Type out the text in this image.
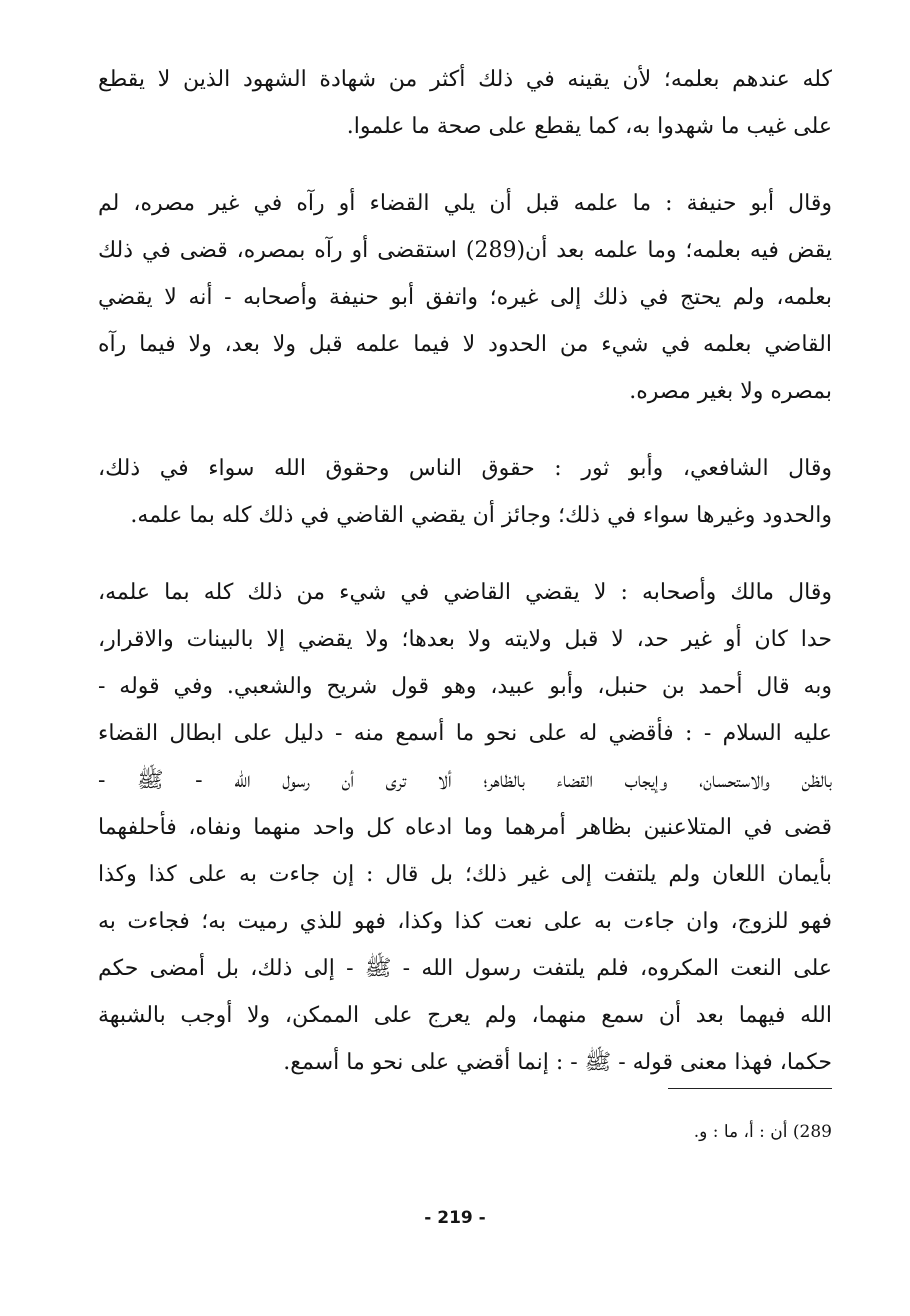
كله عندهم بعلمه؛ لأن يقينه في ذلك أكثر من شهادة الشهود الذين لا يقطع
على غيب ما شهدوا به، كما يقطع على صحة ما علموا.

وقال أبو حنيفة : ما علمه قبل أن يلي القضاء أو رآه في غير مصره، لم
يقض فيه بعلمه؛ وما علمه بعد أن(289) استقضى أو رآه بمصره، قضى في ذلك
بعلمه، ولم يحتج في ذلك إلى غيره؛ واتفق أبو حنيفة وأصحابه - أنه لا يقضي
القاضي بعلمه في شيء من الحدود لا فيما علمه قبل ولا بعد، ولا فيما رآه
بمصره ولا بغير مصره.

وقال الشافعي، وأبو ثور : حقوق الناس وحقوق الله سواء في ذلك،
والحدود وغيرها سواء في ذلك؛ وجائز أن يقضي القاضي في ذلك كله بما علمه.

وقال مالك وأصحابه : لا يقضي القاضي في شيء من ذلك كله بما علمه،
حدا كان أو غير حد، لا قبل ولايته ولا بعدها؛ ولا يقضي إلا بالبينات والاقرار،
وبه قال أحمد بن حنبل، وأبو عبيد، وهو قول شريح والشعبي. وفي قوله -
عليه السلام - : فأقضي له على نحو ما أسمع منه - دليل على ابطال القضاء
بالظن والاستحسان، وإيجاب القضاء بالظاهر؛ ألا ترى أن رسول الله - ﷺ -
قضى في المتلاعنين بظاهر أمرهما وما ادعاه كل واحد منهما ونفاه، فأحلفهما
بأيمان اللعان ولم يلتفت إلى غير ذلك؛ بل قال : إن جاءت به على كذا وكذا
فهو للزوج، وان جاءت به على نعت كذا وكذا، فهو للذي رميت به؛ فجاءت به
على النعت المكروه، فلم يلتفت رسول الله - ﷺ - إلى ذلك، بل أمضى حكم
الله فيهما بعد أن سمع منهما، ولم يعرج على الممكن، ولا أوجب بالشبهة
حكما، فهذا معنى قوله - ﷺ - : إنما أقضي على نحو ما أسمع.

289) أن : أ، ما : و.
- 219 -
